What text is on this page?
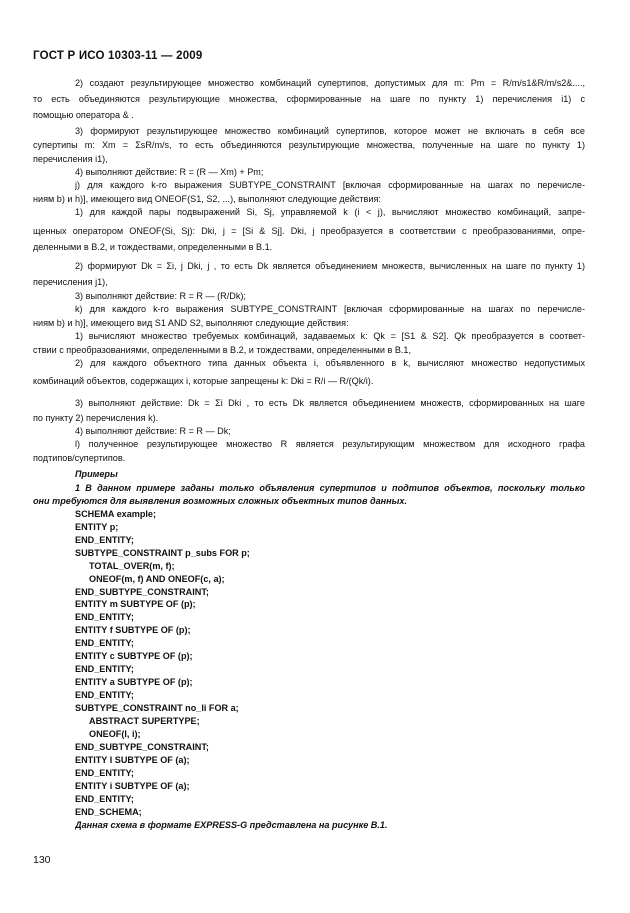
ГОСТ Р ИСО 10303-11 — 2009
2) создают результирующее множество комбинаций супертипов, допустимых для m: Pm = R/m/s1&R/m/s2&....,
то есть объединяются результирующие множества, сформированные на шаге по пункту 1) перечисления i1) с
помощью оператора & .
3) формируют результирующее множество комбинаций супертипов, которое может не включать в себя все
супертипы m: Xm = ΣsR/m/s, то есть объединяются результирующие множества, полученные на шаге по пункту 1)
перечисления i1),
4) выполняют действие: R = (R — Xm) + Pm;
j) для каждого k-го выражения SUBTYPE_CONSTRAINT [включая сформированные на шагах по перечисле-
ниям b) и h)], имеющего вид ONEOF(S1, S2, ...), выполняют следующие действия:
1) для каждой пары подвыражений Si, Sj, управляемой k (i < j), вычисляют множество комбинаций, запре-
щенных оператором ONEOF(Si, Sj): Dki, j = [Si & Sj]. Dki, j преобразуется в соответствии с преобразованиями, опре-
деленными в B.2, и тождествами, определенными в B.1.
2) формируют Dk = Σi, j Dki, j , то есть Dk является объединением множеств, вычисленных на шаге по пункту 1)
перечисления j1),
3) выполняют действие: R = R — (R/Dk);
k) для каждого k-го выражения SUBTYPE_CONSTRAINT [включая сформированные на шагах по перечисле-
ниям b) и h)], имеющего вид S1 AND S2, выполняют следующие действия:
1) вычисляют множество требуемых комбинаций, задаваемых k: Qk = [S1 & S2]. Qk преобразуется в соответ-
ствии с преобразованиями, определенными в B.2, и тождествами, определенными в B.1,
2) для каждого объектного типа данных объекта i, объявленного в k, вычисляют множество недопустимых
комбинаций объектов, содержащих i, которые запрещены k: Dki = R/i — R/(Qk/i).
3) выполняют действие: Dk = Σi Dki , то есть Dk является объединением множеств, сформированных на шаге
по пункту 2) перечисления k).
4) выполняют действие: R = R — Dk;
l) полученное результирующее множество R является результирующим множеством для исходного графа
подтипов/супертипов.
Примеры
1 В данном примере заданы только объявления супертипов и подтипов объектов, поскольку только
они требуются для выявления возможных сложных объектных типов данных.
SCHEMA example;
ENTITY p;
END_ENTITY;
SUBTYPE_CONSTRAINT p_subs FOR p;
TOTAL_OVER(m, f);
ONEOF(m, f) AND ONEOF(c, a);
END_SUBTYPE_CONSTRAINT;
ENTITY m SUBTYPE OF (p);
END_ENTITY;
ENTITY f SUBTYPE OF (p);
END_ENTITY;
ENTITY c SUBTYPE OF (p);
END_ENTITY;
ENTITY a SUBTYPE OF (p);
END_ENTITY;
SUBTYPE_CONSTRAINT no_li FOR a;
ABSTRACT SUPERTYPE;
ONEOF(l, i);
END_SUBTYPE_CONSTRAINT;
ENTITY l SUBTYPE OF (a);
END_ENTITY;
ENTITY i SUBTYPE OF (a);
END_ENTITY;
END_SCHEMA;
Данная схема в формате EXPRESS-G представлена на рисунке В.1.
130
